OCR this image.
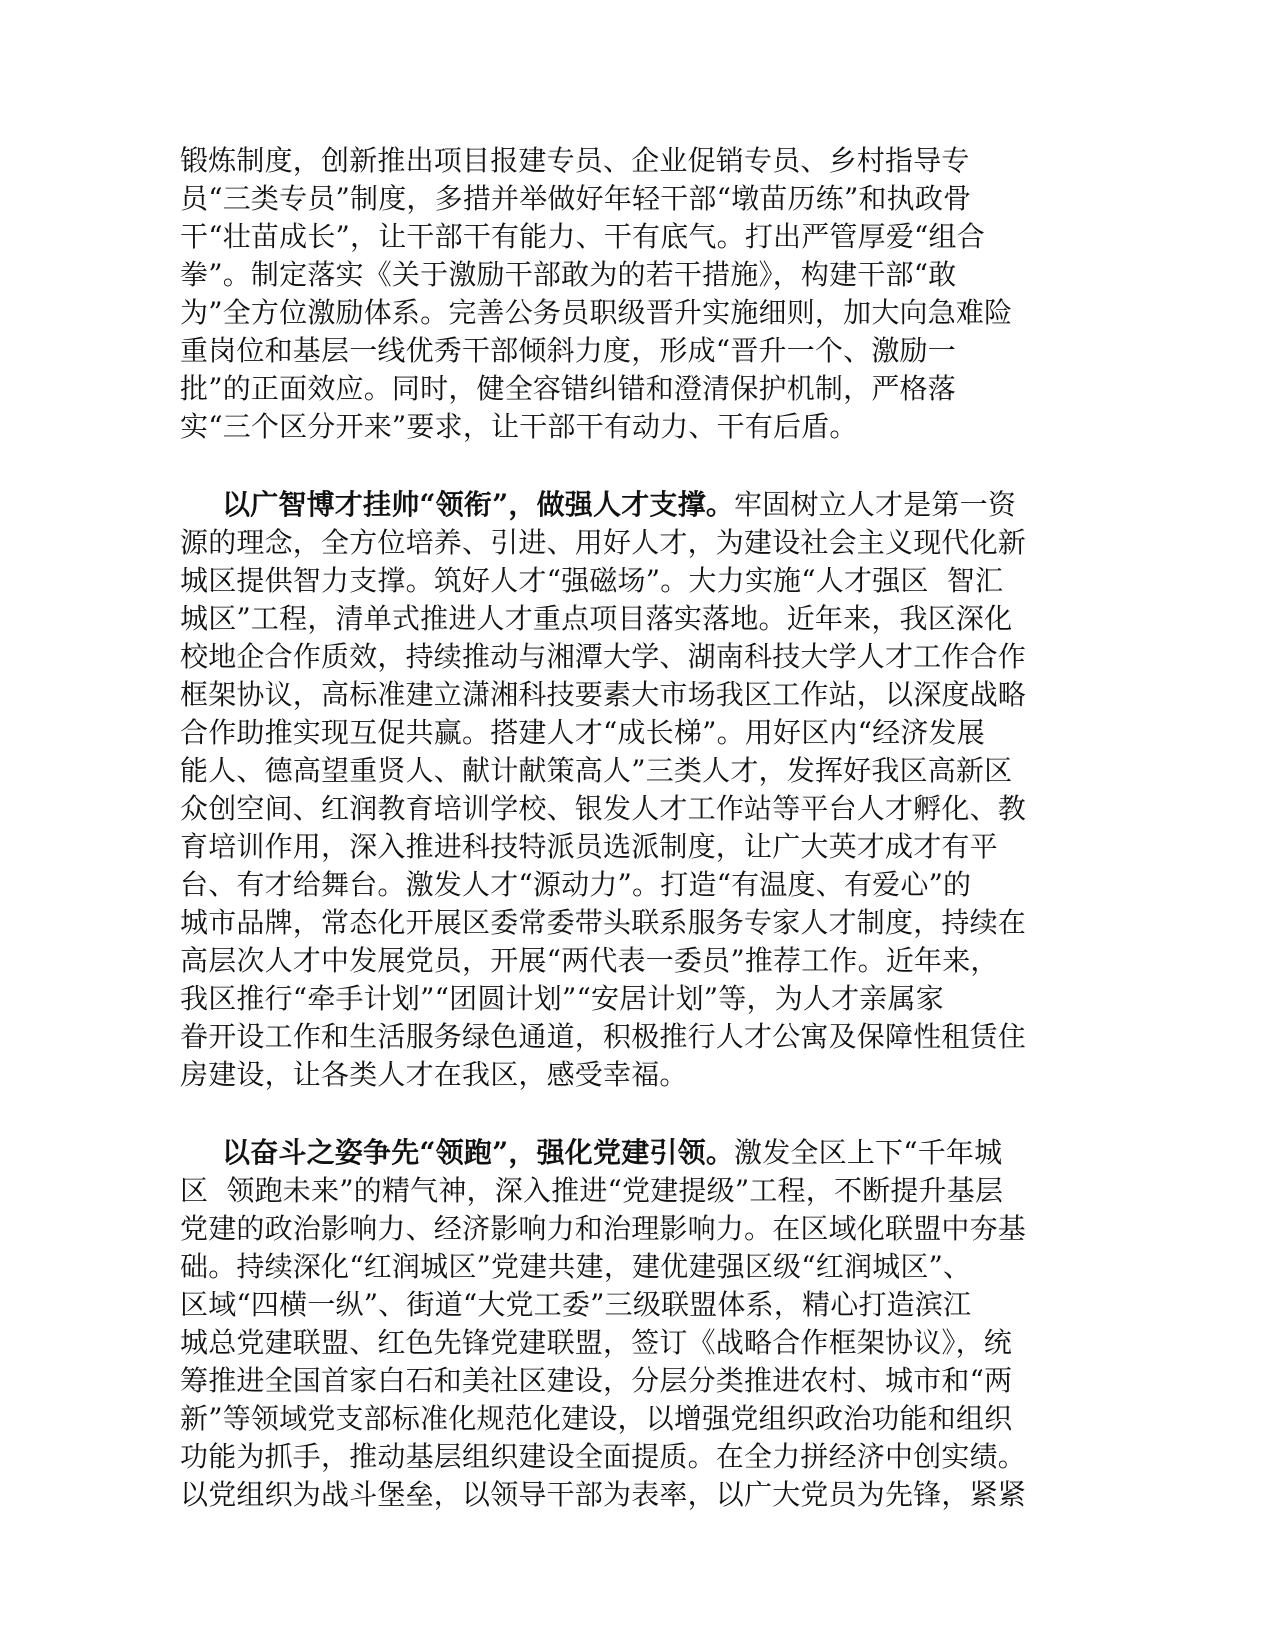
锻炼制度，创新推出项目报建专员、企业促销专员、乡村指导专
员“三类专员”制度，多措并举做好年轻干部“墩苗历练”和执政骨
干“壮苗成长”，让干部干有能力、干有底气。打出严管厚爱“组合
拳”。制定落实《关于激励干部敢为的若干措施》，构建干部“敢
为”全方位激励体系。完善公务员职级晋升实施细则，加大向急难险
重岗位和基层一线优秀干部倾斜力度，形成“晋升一个、激励一
批”的正面效应。同时，健全容错纠错和澄清保护机制，严格落
实“三个区分开来”要求，让干部干有动力、干有后盾。
以广智博才挂帅“领衔”，做强人才支撑。牢固树立人才是第一资
源的理念，全方位培养、引进、用好人才，为建设社会主义现代化新
城区提供智力支撑。筑好人才“强磁场”。大力实施“人才强区  智汇
城区”工程，清单式推进人才重点项目落实落地。近年来，我区深化
校地企合作质效，持续推动与湘潭大学、湖南科技大学人才工作合作
框架协议，高标准建立潇湘科技要素大市场我区工作站，以深度战略
合作助推实现互促共赢。搭建人才“成长梯”。用好区内“经济发展
能人、德高望重贤人、献计献策高人”三类人才，发挥好我区高新区
众创空间、红润教育培训学校、银发人才工作站等平台人才孵化、教
育培训作用，深入推进科技特派员选派制度，让广大英才成才有平
台、有才给舞台。激发人才“源动力”。打造“有温度、有爱心”的
城市品牌，常态化开展区委常委带头联系服务专家人才制度，持续在
高层次人才中发展党员，开展“两代表一委员”推荐工作。近年来，
我区推行“牵手计划”“团圆计划”“安居计划”等，为人才亲属家
眷开设工作和生活服务绿色通道，积极推行人才公寓及保障性租赁住
房建设，让各类人才在我区，感受幸福。
以奋斗之姿争先“领跑”，强化党建引领。激发全区上下“千年城
区  领跑未来”的精气神，深入推进“党建提级”工程，不断提升基层
党建的政治影响力、经济影响力和治理影响力。在区域化联盟中夯基
础。持续深化“红润城区”党建共建，建优建强区级“红润城区”、
区域“四横一纵”、街道“大党工委”三级联盟体系，精心打造滨江
城总党建联盟、红色先锋党建联盟，签订《战略合作框架协议》，统
筹推进全国首家白石和美社区建设，分层分类推进农村、城市和“两
新”等领域党支部标准化规范化建设，以增强党组织政治功能和组织
功能为抓手，推动基层组织建设全面提质。在全力拼经济中创实绩。
以党组织为战斗堡垒，以领导干部为表率，以广大党员为先锋，紧紧
